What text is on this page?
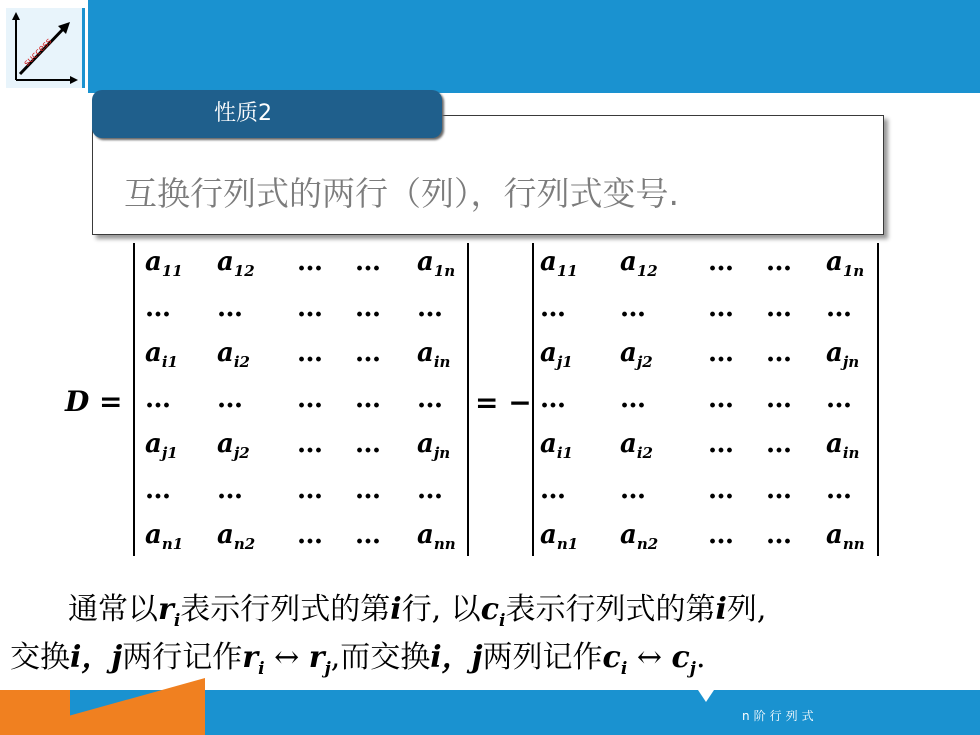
success
性质2
互换行列式的两行（列），行列式变号.
D =
$a_{11}$ $a_{12}$ … … $a_{1n}$
… … … … …
$a_{i1}$ $a_{i2}$ … … $a_{in}$
… … … … …
$a_{j1}$ $a_{j2}$ … … $a_{jn}$
… … … … …
$a_{n1}$ $a_{n2}$ … … $a_{nn}$
= −
$a_{11}$ $a_{12}$ … … $a_{1n}$
… … … … …
$a_{j1}$ $a_{j2}$ … … $a_{jn}$
… … … … …
$a_{i1}$ $a_{i2}$ … … $a_{in}$
… … … … …
$a_{n1}$ $a_{n2}$ … … $a_{nn}$
通常以$r_i$表示行列式的第i行, 以$c_i$表示行列式的第i列,
交换i，j两行记作$r_i$ ↔ $r_j$,而交换i，j两列记作$c_i$ ↔ $c_j$.
n阶行列式
